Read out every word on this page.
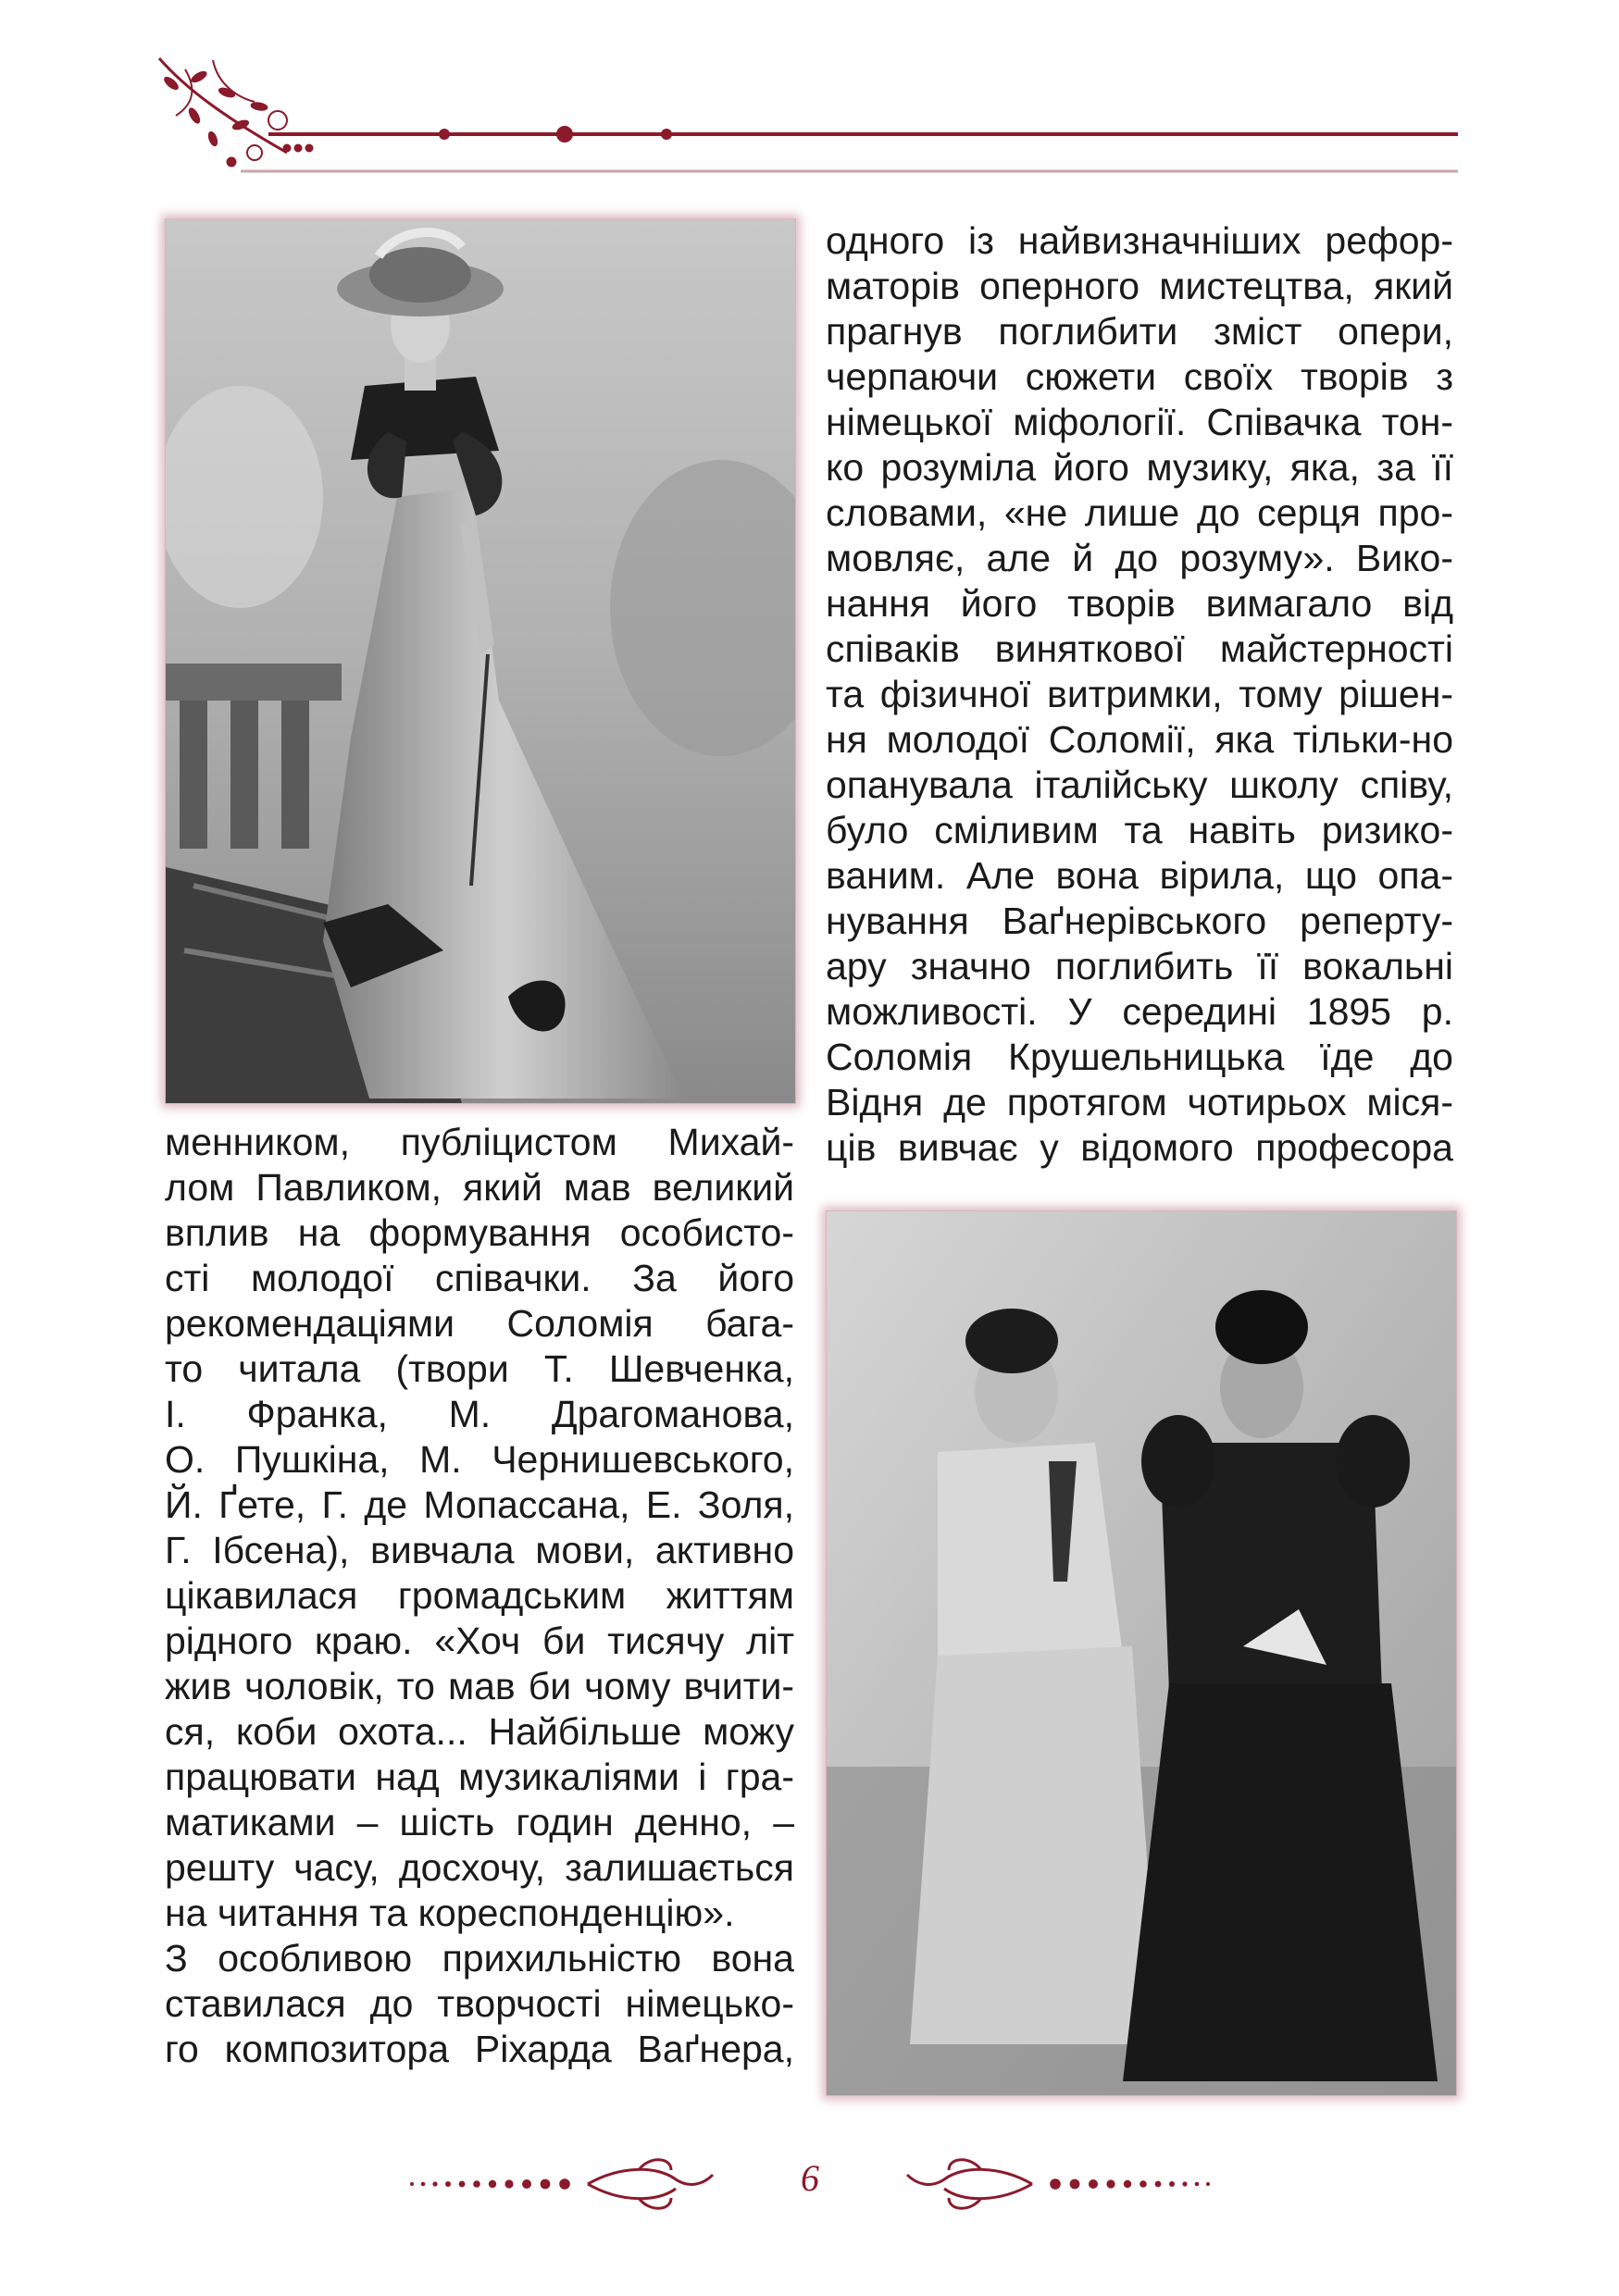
одного із найвизначніших рефор-
маторів оперного мистецтва, який
прагнув поглибити зміст опери,
черпаючи сюжети своїх творів з
німецької міфології. Співачка тон-
ко розуміла його музику, яка, за її
словами, «не лише до серця про-
мовляє, але й до розуму». Вико-
нання його творів вимагало від
співаків виняткової майстерності
та фізичної витримки, тому рішен-
ня молодої Соломії, яка тільки-но
опанувала італійську школу співу,
було сміливим та навіть ризико-
ваним. Але вона вірила, що опа-
нування Ваґнерівського реперту-
ару значно поглибить її вокальні
можливості. У середині 1895 р.
Соломія Крушельницька їде до
Відня де протягом чотирьох міся-
ців вивчає у відомого професора
менником, публіцистом Михай-
лом Павликом, який мав великий
вплив на формування особисто-
сті молодої співачки. За його
рекомендаціями Соломія бага-
то читала (твори Т. Шевченка,
І. Франка, М. Драгоманова,
О. Пушкіна, М. Чернишевського,
Й. Ґете, Г. де Мопассана, Е. Золя,
Г. Ібсена), вивчала мови, активно
цікавилася громадським життям
рідного краю. «Хоч би тисячу літ
жив чоловік, то мав би чому вчити-
ся, коби охота... Найбільше можу
працювати над музикаліями і гра-
матиками – шість годин денно, –
решту часу, досхочу, залишається
на читання та кореспонденцію».
З особливою прихильністю вона
ставилася до творчості німецько-
го композитора Ріхарда Ваґнера,
6
